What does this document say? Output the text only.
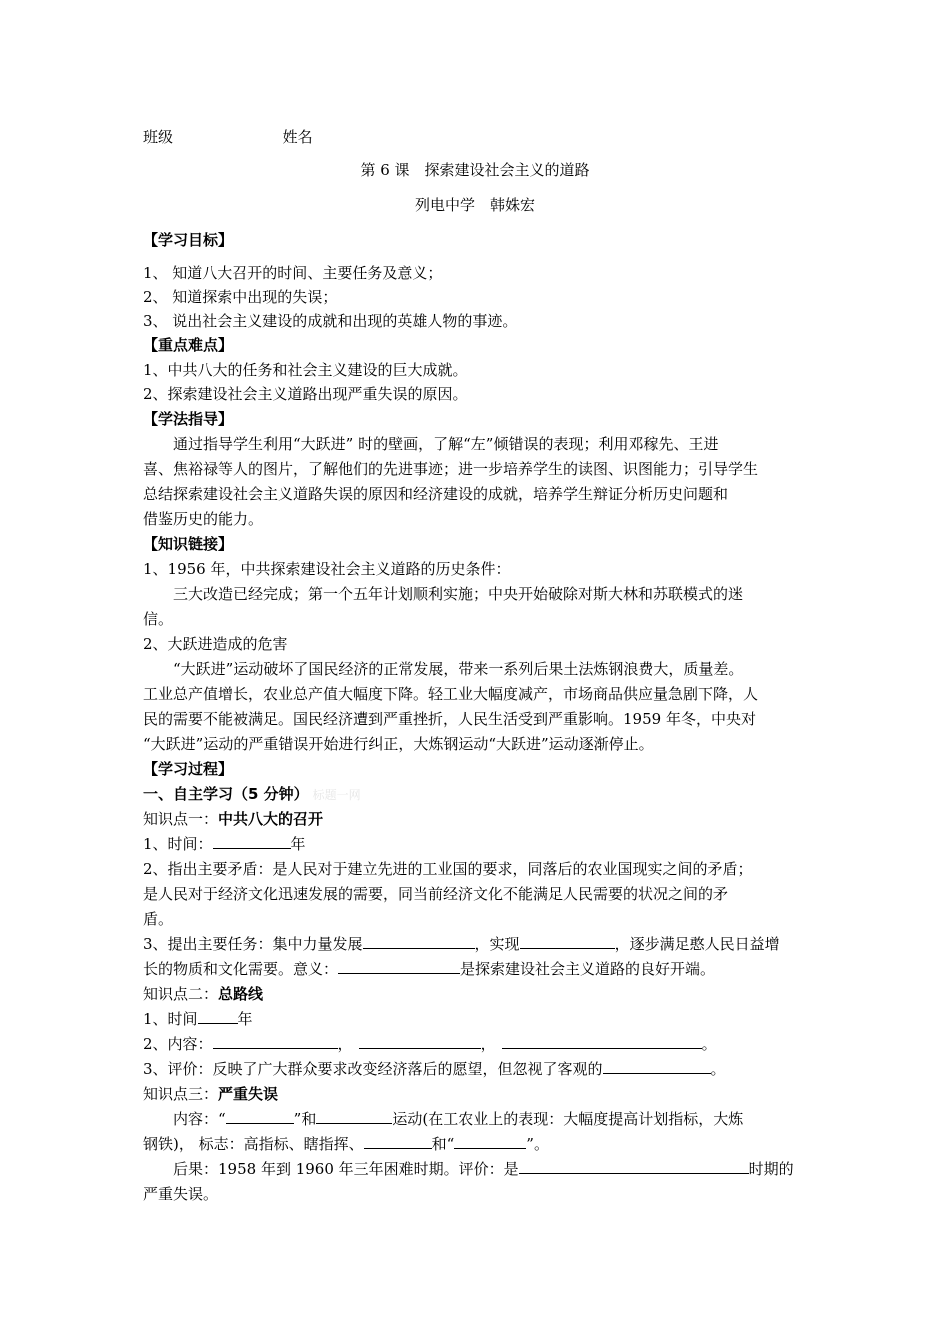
班级	姓名
第 6 课　探索建设社会主义的道路
列电中学　韩姝宏
【学习目标】
1、 知道八大召开的时间、主要任务及意义；
2、 知道探索中出现的失误；
3、 说出社会主义建设的成就和出现的英雄人物的事迹。
【重点难点】
1、中共八大的任务和社会主义建设的巨大成就。
2、探索建设社会主义道路出现严重失误的原因。
【学法指导】
通过指导学生利用“大跃进” 时的壁画，了解“左”倾错误的表现；利用邓稼先、王进
喜、焦裕禄等人的图片，了解他们的先进事迹；进一步培养学生的读图、识图能力；引导学生
总结探索建设社会主义道路失误的原因和经济建设的成就，培养学生辩证分析历史问题和
借鉴历史的能力。
【知识链接】
1、1956 年，中共探索建设社会主义道路的历史条件：
三大改造已经完成；第一个五年计划顺利实施；中央开始破除对斯大林和苏联模式的迷
信。
2、大跃进造成的危害
“大跃进”运动破坏了国民经济的正常发展，带来一系列后果土法炼钢浪费大，质量差。
工业总产值增长，农业总产值大幅度下降。轻工业大幅度减产，市场商品供应量急剧下降，人
民的需要不能被满足。国民经济遭到严重挫折，人民生活受到严重影响。1959 年冬，中央对
“大跃进”运动的严重错误开始进行纠正，大炼钢运动“大跃进”运动逐渐停止。
【学习过程】
一、自主学习（5 分钟） 标题一网
知识点一：中共八大的召开
1、时间：	年
2、指出主要矛盾：是人民对于建立先进的工业国的要求，同落后的农业国现实之间的矛盾；
是人民对于经济文化迅速发展的需要，同当前经济文化不能满足人民需要的状况之间的矛
盾。
3、提出主要任务：集中力量发展	，实现	，逐步满足憨人民日益增
长的物质和文化需要。意义：	是探索建设社会主义道路的良好开端。
知识点二：总路线
1、时间	年
2、内容：	，	，	。
3、评价：反映了广大群众要求改变经济落后的愿望，但忽视了客观的	。
知识点三：严重失误
内容：“	”和	运动(在工农业上的表现：大幅度提高计划指标，大炼
钢铁)， 标志：高指标、瞎指挥、	和“	”。
后果：1958 年到 1960 年三年困难时期。评价：是	时期的
严重失误。
